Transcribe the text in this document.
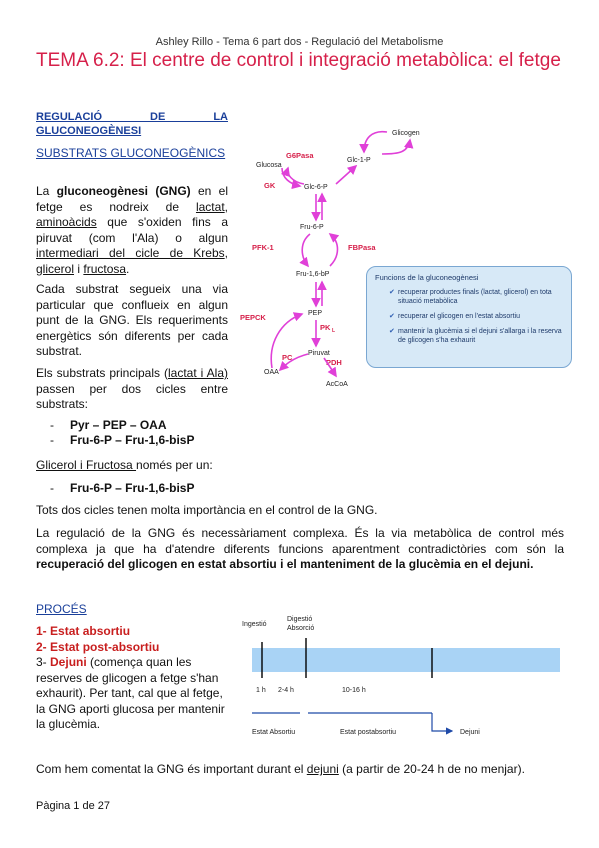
Ashley Rillo - Tema 6 part dos - Regulació del Metabolisme
TEMA 6.2: El centre de control i integració metabòlica: el fetge
REGULACIÓ DE LA GLUCONEOGÈNESI
SUBSTRATS GLUCONEOGÈNICS
La gluconeogènesi (GNG) en el fetge es nodreix de lactat, aminoàcids que s'oxiden fins a piruvat (com l'Ala) o algun intermediari del cicle de Krebs, glicerol i fructosa.
Cada substrat segueix una via particular que conflueix en algun punt de la GNG. Els requeriments energètics són diferents per cada substrat.
Els substrats principals (lactat i Ala) passen per dos cicles entre substrats:
-	Pyr – PEP – OAA
-	Fru-6-P – Fru-1,6-bisP
Glicerol i Fructosa només per un:
-	Fru-6-P – Fru-1,6-bisP
Tots dos cicles tenen molta importància en el control de la GNG.
La regulació de la GNG és necessàriament complexa. És la via metabòlica de control més complexa ja que ha d'atendre diferents funcions aparentment contradictòries com són la recuperació del glicogen en estat absortiu i el manteniment de la glucèmia en el dejuni.
PROCÉS
1- Estat absortiu
2- Estat post-absortiu
3- Dejuni (comença quan les reserves de glicogen a fetge s'han exhaurit). Per tant, cal que al fetge, la GNG aporti glucosa per mantenir la glucèmia.
Com hem comentat la GNG és important durant el dejuni (a partir de 20-24 h de no menjar).
Pàgina 1 de 27
Glicogen
Glc-1-P
Glucosa
Glc-6-P
Fru-6-P
Fru-1,6-bP
PEP
Piruvat
OAA
AcCoA
G6Pasa
GK
PFK-1	FBPasa
PEPCK
PK L
PC
PDH
Funcions de la gluconeogènesi
✔ recuperar productes finals (lactat, glicerol) en tota situació metabòlica
✔ recuperar el glicogen en l'estat absortiu
✔ mantenir la glucèmia si el dejuni s'allarga i la reserva de glicogen s'ha exhaurit
Ingestió
Digestió
Absorció
1 h 2-4 h	10-16 h
Estat Absortiu	Estat postabsortiu	Dejuni
